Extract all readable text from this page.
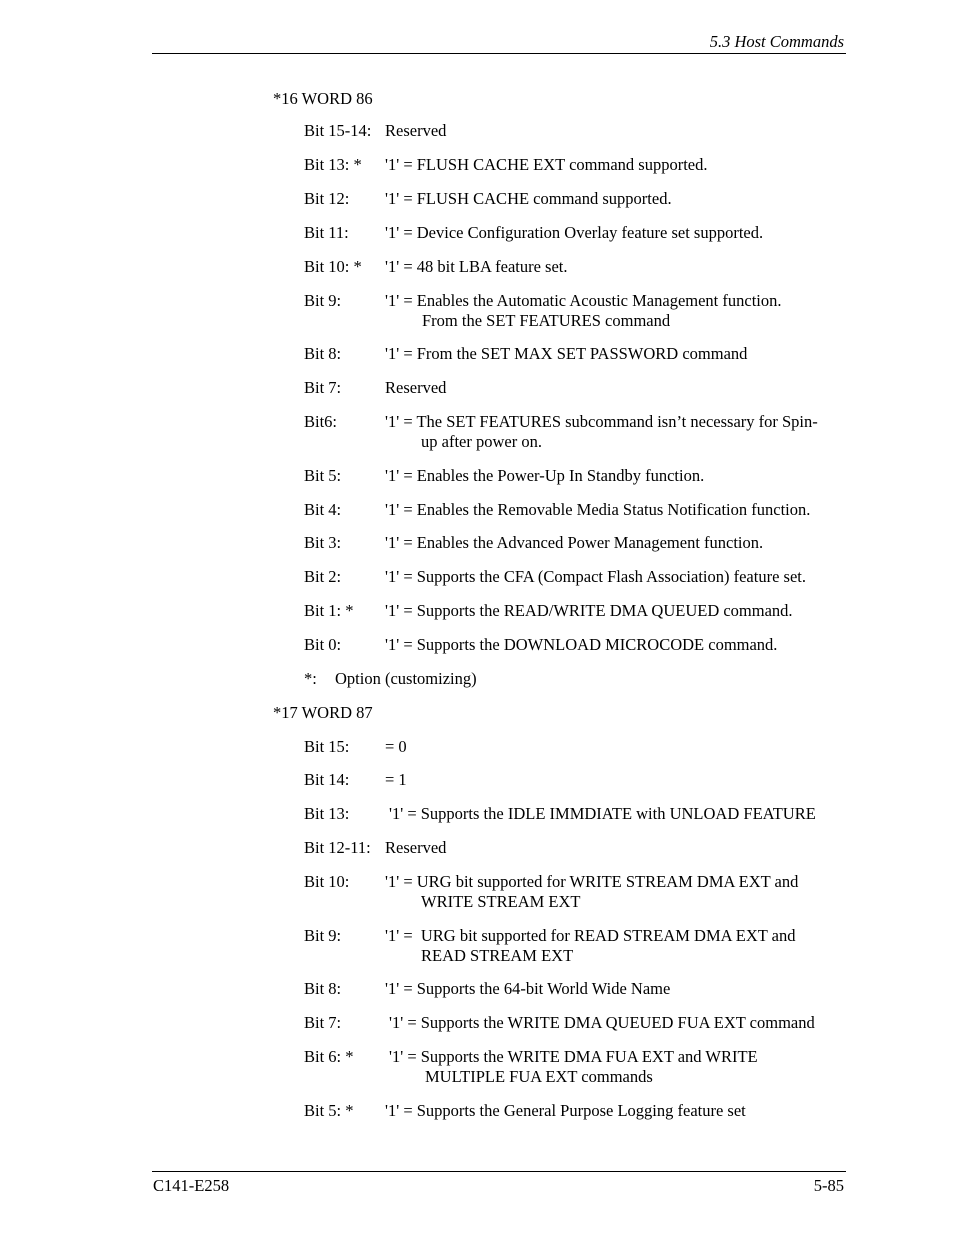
5.3 Host Commands
*16 WORD 86
Bit 15-14: Reserved
Bit 13: * '1' = FLUSH CACHE EXT command supported.
Bit 12: '1' = FLUSH CACHE command supported.
Bit 11: '1' = Device Configuration Overlay feature set supported.
Bit 10: * '1' = 48 bit LBA feature set.
Bit 9:	'1' = Enables the Automatic Acoustic Management function.
From the SET FEATURES command
Bit 8:	'1' = From the SET MAX SET PASSWORD command
Bit 7:	Reserved
Bit6:	'1' = The SET FEATURES subcommand isn’t necessary for Spin-
up after power on.
Bit 5:	'1' = Enables the Power-Up In Standby function.
Bit 4:	'1' = Enables the Removable Media Status Notification function.
Bit 3:	'1' = Enables the Advanced Power Management function.
Bit 2:	'1' = Supports the CFA (Compact Flash Association) feature set.
Bit 1: * '1' = Supports the READ/WRITE DMA QUEUED command.
Bit 0:	'1' = Supports the DOWNLOAD MICROCODE command.
*: Option (customizing)
*17 WORD 87
Bit 15: = 0
Bit 14: = 1
Bit 13: '1' = Supports the IDLE IMMDIATE with UNLOAD FEATURE
Bit 12-11: Reserved
Bit 10: '1' = URG bit supported for WRITE STREAM DMA EXT and
WRITE STREAM EXT
Bit 9:	'1' =  URG bit supported for READ STREAM DMA EXT and
READ STREAM EXT
Bit 8:	'1' = Supports the 64-bit World Wide Name
Bit 7:	'1' = Supports the WRITE DMA QUEUED FUA EXT command
Bit 6: * '1' = Supports the WRITE DMA FUA EXT and WRITE
MULTIPLE FUA EXT commands
Bit 5: * '1' = Supports the General Purpose Logging feature set
C141-E258	5-85
